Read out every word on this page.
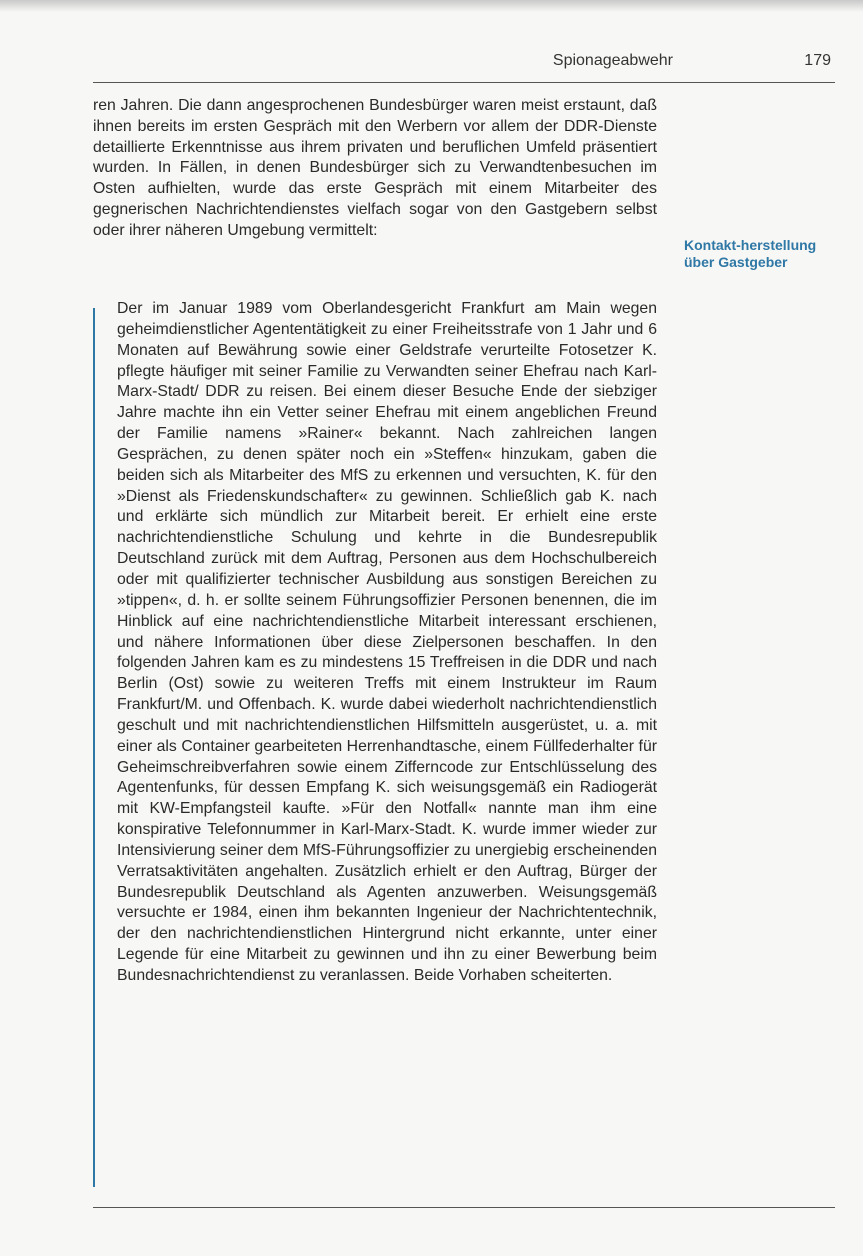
Spionageabwehr	179

ren Jahren. Die dann angesprochenen Bundesbürger waren meist erstaunt, daß ihnen bereits im ersten Gespräch mit den Werbern vor allem der DDR-Dienste detaillierte Erkenntnisse aus ihrem privaten und beruflichen Umfeld präsentiert wurden. In Fällen, in denen Bundesbürger sich zu Verwandtenbesuchen im Osten aufhielten, wurde das erste Gespräch mit einem Mitarbeiter des gegnerischen Nachrichtendienstes vielfach sogar von den Gastgebern selbst oder ihrer näheren Umgebung vermittelt:

Kontakt-herstellung über Gastgeber

Der im Januar 1989 vom Oberlandesgericht Frankfurt am Main wegen geheimdienstlicher Agententätigkeit zu einer Freiheitsstrafe von 1 Jahr und 6 Monaten auf Bewährung sowie einer Geldstrafe verurteilte Fotosetzer K. pflegte häufiger mit seiner Familie zu Verwandten seiner Ehefrau nach Karl-Marx-Stadt/ DDR zu reisen. Bei einem dieser Besuche Ende der siebziger Jahre machte ihn ein Vetter seiner Ehefrau mit einem angeblichen Freund der Familie namens »Rainer« bekannt. Nach zahlreichen langen Gesprächen, zu denen später noch ein »Steffen« hinzukam, gaben die beiden sich als Mitarbeiter des MfS zu erkennen und versuchten, K. für den »Dienst als Friedenskundschafter« zu gewinnen. Schließlich gab K. nach und erklärte sich mündlich zur Mitarbeit bereit. Er erhielt eine erste nachrichtendienstliche Schulung und kehrte in die Bundesrepublik Deutschland zurück mit dem Auftrag, Personen aus dem Hochschulbereich oder mit qualifizierter technischer Ausbildung aus sonstigen Bereichen zu »tippen«, d. h. er sollte seinem Führungsoffizier Personen benennen, die im Hinblick auf eine nachrichtendienstliche Mitarbeit interessant erschienen, und nähere Informationen über diese Zielpersonen beschaffen. In den folgenden Jahren kam es zu mindestens 15 Treffreisen in die DDR und nach Berlin (Ost) sowie zu weiteren Treffs mit einem Instrukteur im Raum Frankfurt/M. und Offenbach. K. wurde dabei wiederholt nachrichtendienstlich geschult und mit nachrichtendienstlichen Hilfsmitteln ausgerüstet, u. a. mit einer als Container gearbeiteten Herrenhandtasche, einem Füllfederhalter für Geheimschreibverfahren sowie einem Zifferncode zur Entschlüsselung des Agentenfunks, für dessen Empfang K. sich weisungsgemäß ein Radiogerät mit KW-Empfangsteil kaufte. »Für den Notfall« nannte man ihm eine konspirative Telefonnummer in Karl-Marx-Stadt. K. wurde immer wieder zur Intensivierung seiner dem MfS-Führungsoffizier zu unergiebig erscheinenden Verratsaktivitäten angehalten. Zusätzlich erhielt er den Auftrag, Bürger der Bundesrepublik Deutschland als Agenten anzuwerben. Weisungsgemäß versuchte er 1984, einen ihm bekannten Ingenieur der Nachrichtentechnik, der den nachrichtendienstlichen Hintergrund nicht erkannte, unter einer Legende für eine Mitarbeit zu gewinnen und ihn zu einer Bewerbung beim Bundesnachrichtendienst zu veranlassen. Beide Vorhaben scheiterten.
